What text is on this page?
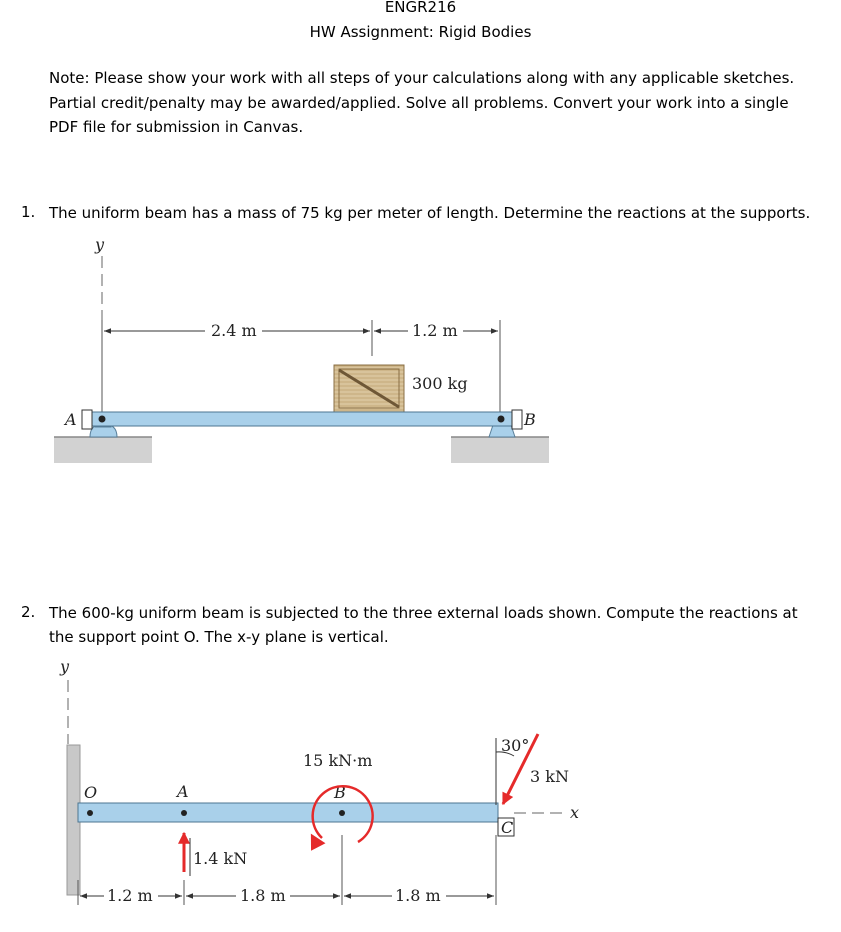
ENGR216
HW Assignment: Rigid Bodies
Note: Please show your work with all steps of your calculations along with any applicable sketches. Partial credit/penalty may be awarded/applied. Solve all problems. Convert your work into a single PDF file for submission in Canvas.
1. The uniform beam has a mass of 75 kg per meter of length. Determine the reactions at the supports.
2. The 600-kg uniform beam is subjected to the three external loads shown. Compute the reactions at the support point O. The x-y plane is vertical.
y
2.4 m	1.2 m
300 kg
A	B
y
O	A	B
C
1.4 kN
15 kN·m
30°
3 kN
x
1.2 m	1.8 m	1.8 m
